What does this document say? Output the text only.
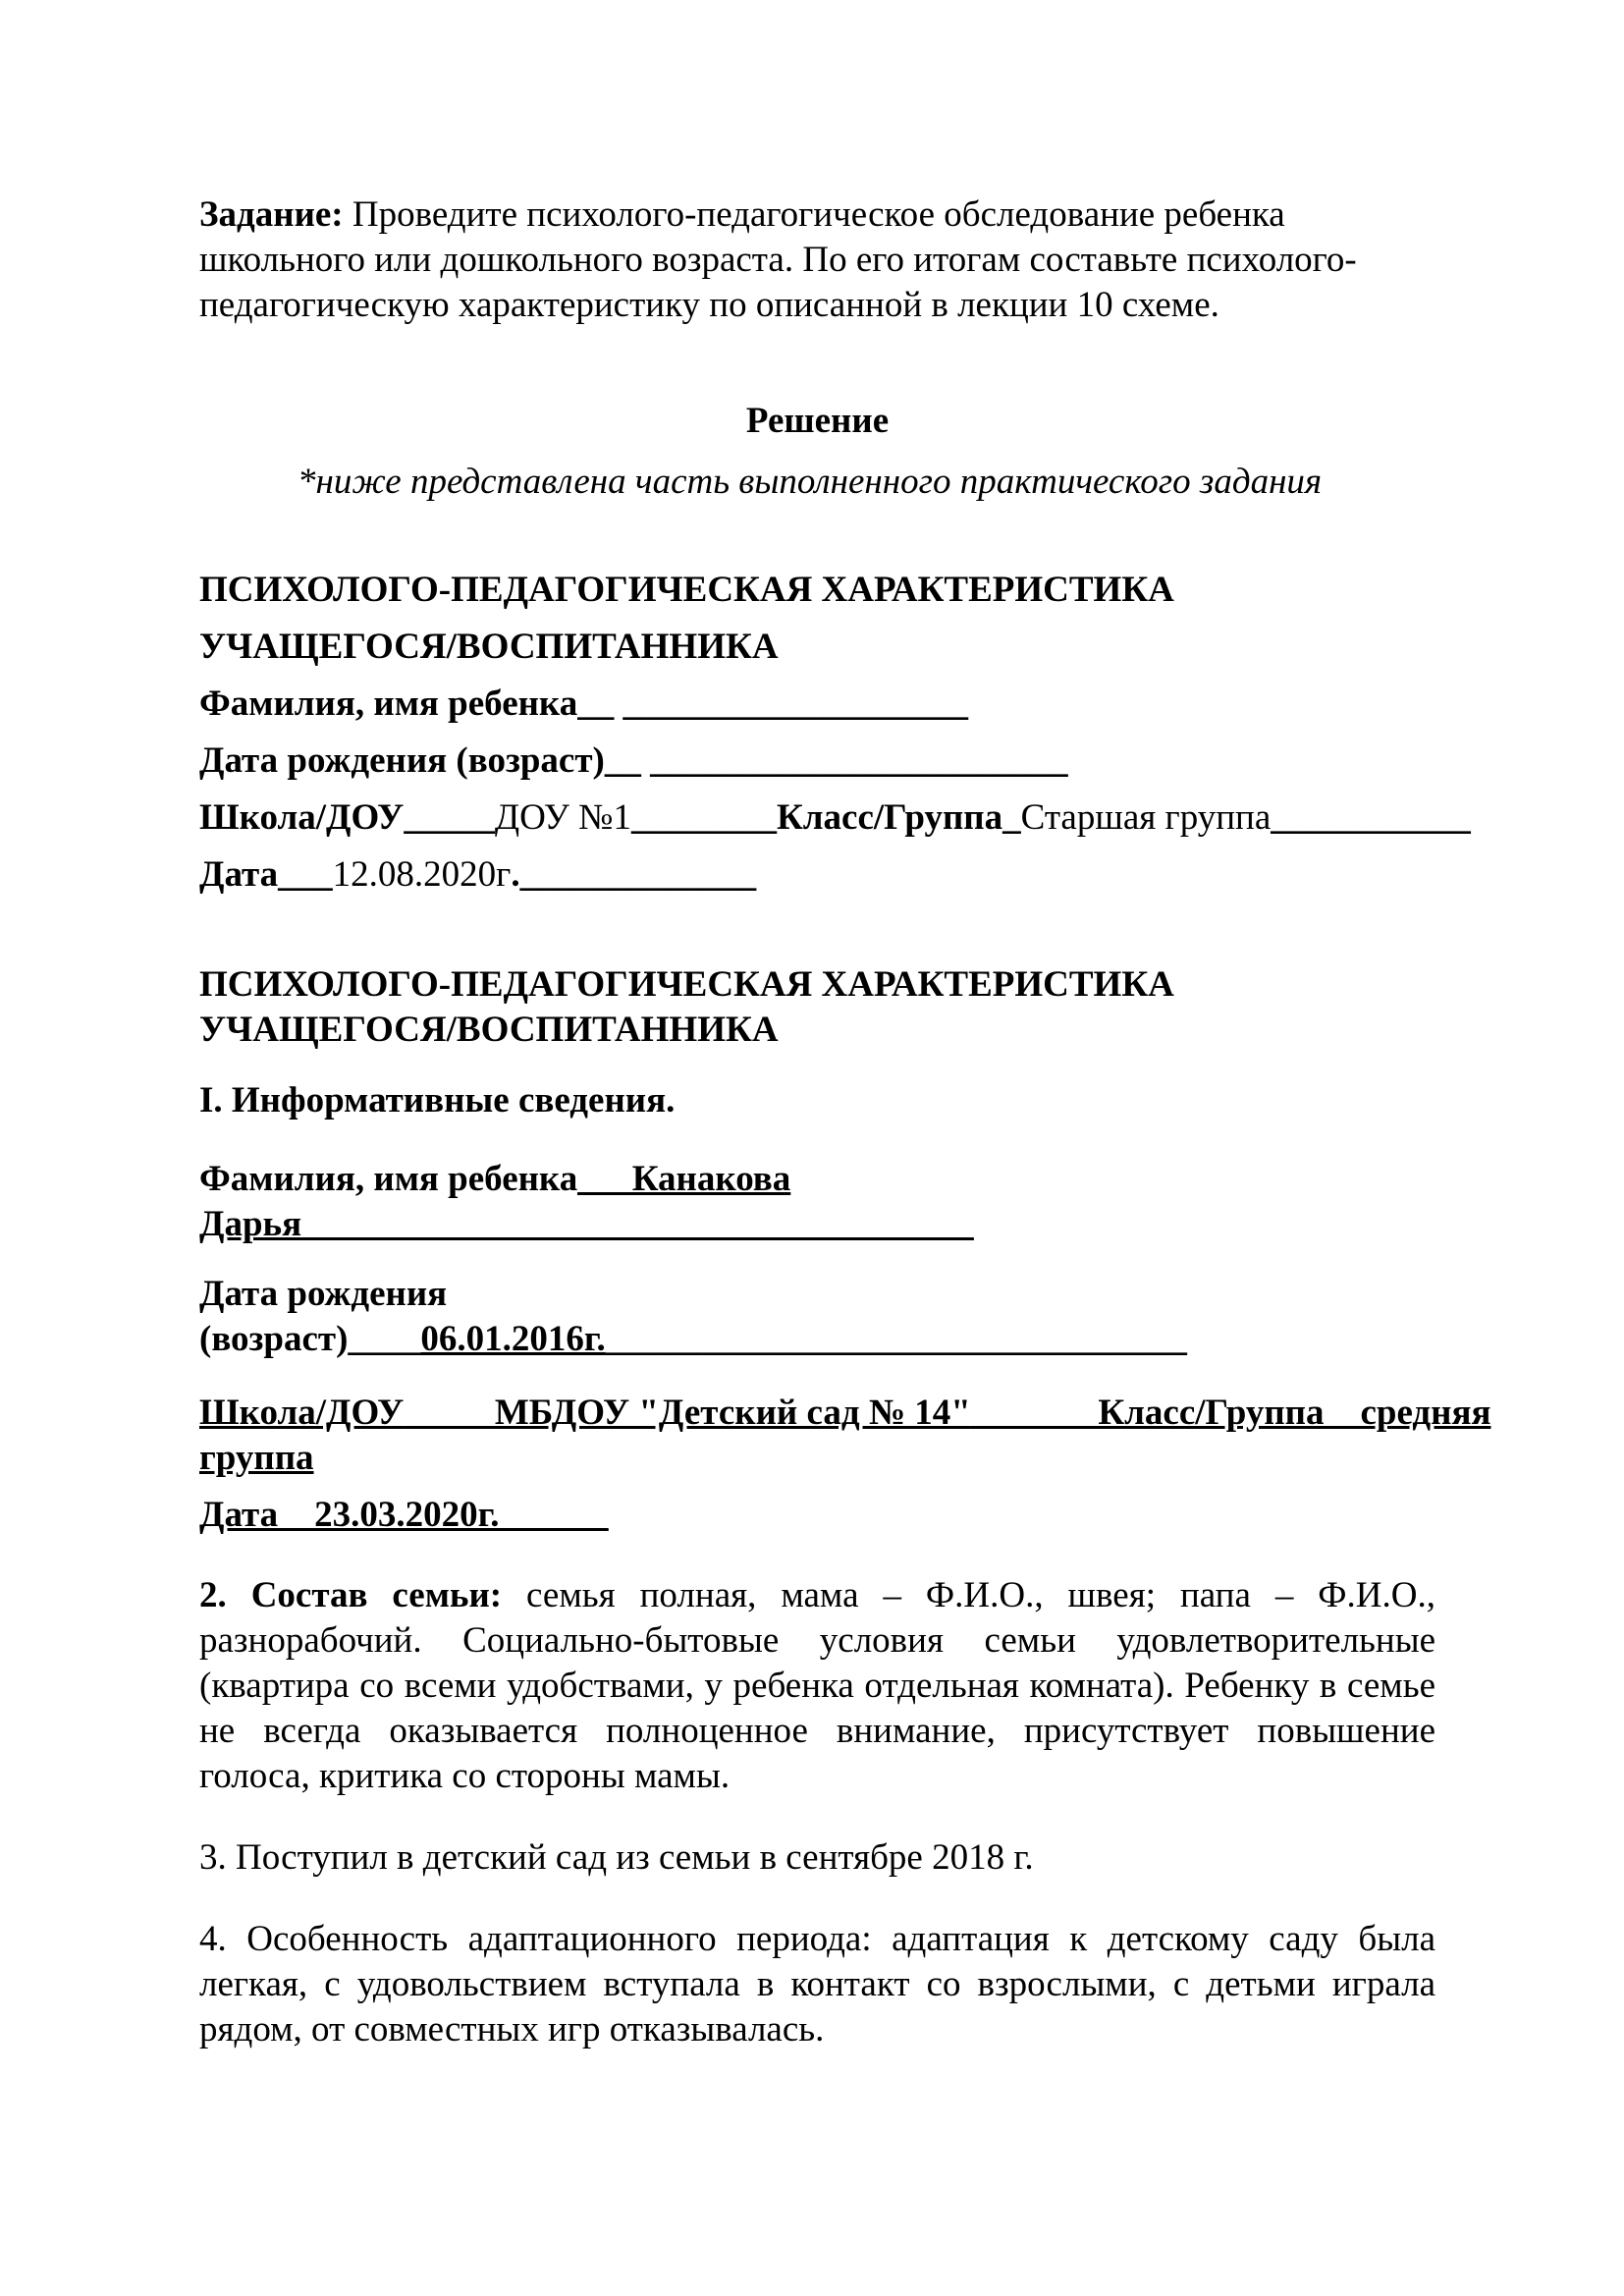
Задание: Проведите психолого-педагогическое обследование ребенка школьного или дошкольного возраста. По его итогам составьте психолого-педагогическую характеристику по описанной в лекции 10 схеме.

Решение
*ниже представлена часть выполненного практического задания
ПСИХОЛОГО-ПЕДАГОГИЧЕСКАЯ ХАРАКТЕРИСТИКА
УЧАЩЕГОСЯ/ВОСПИТАННИКА
Фамилия, имя ребенка__ ___________________
Дата рождения (возраст)__ _______________________
Школа/ДОУ_____ДОУ №1________Класс/Группа_Старшая группа___________
Дата___12.08.2020г._____________
ПСИХОЛОГО-ПЕДАГОГИЧЕСКАЯ ХАРАКТЕРИСТИКА
УЧАЩЕГОСЯ/ВОСПИТАННИКА
I. Информативные сведения.
Фамилия, имя ребенка___Канакова
Дарья_____________________________________
Дата рождения
(возраст)____06.01.2016г.________________________________
Школа/ДОУ_____МБДОУ "Детский сад № 14"_______Класс/Группа__средняя
группа
Дата__23.03.2020г.______

2. Состав семьи: семья полная, мама – Ф.И.О., швея; папа – Ф.И.О., разнорабочий. Социально-бытовые условия семьи удовлетворительные (квартира со всеми удобствами, у ребенка отдельная комната). Ребенку в семье не всегда оказывается полноценное внимание, присутствует повышение голоса, критика со стороны мамы.

3. Поступил в детский сад из семьи в сентябре 2018 г.

4. Особенность адаптационного периода: адаптация к детскому саду была легкая, с удовольствием вступала в контакт со взрослыми, с детьми играла рядом, от совместных игр отказывалась.
